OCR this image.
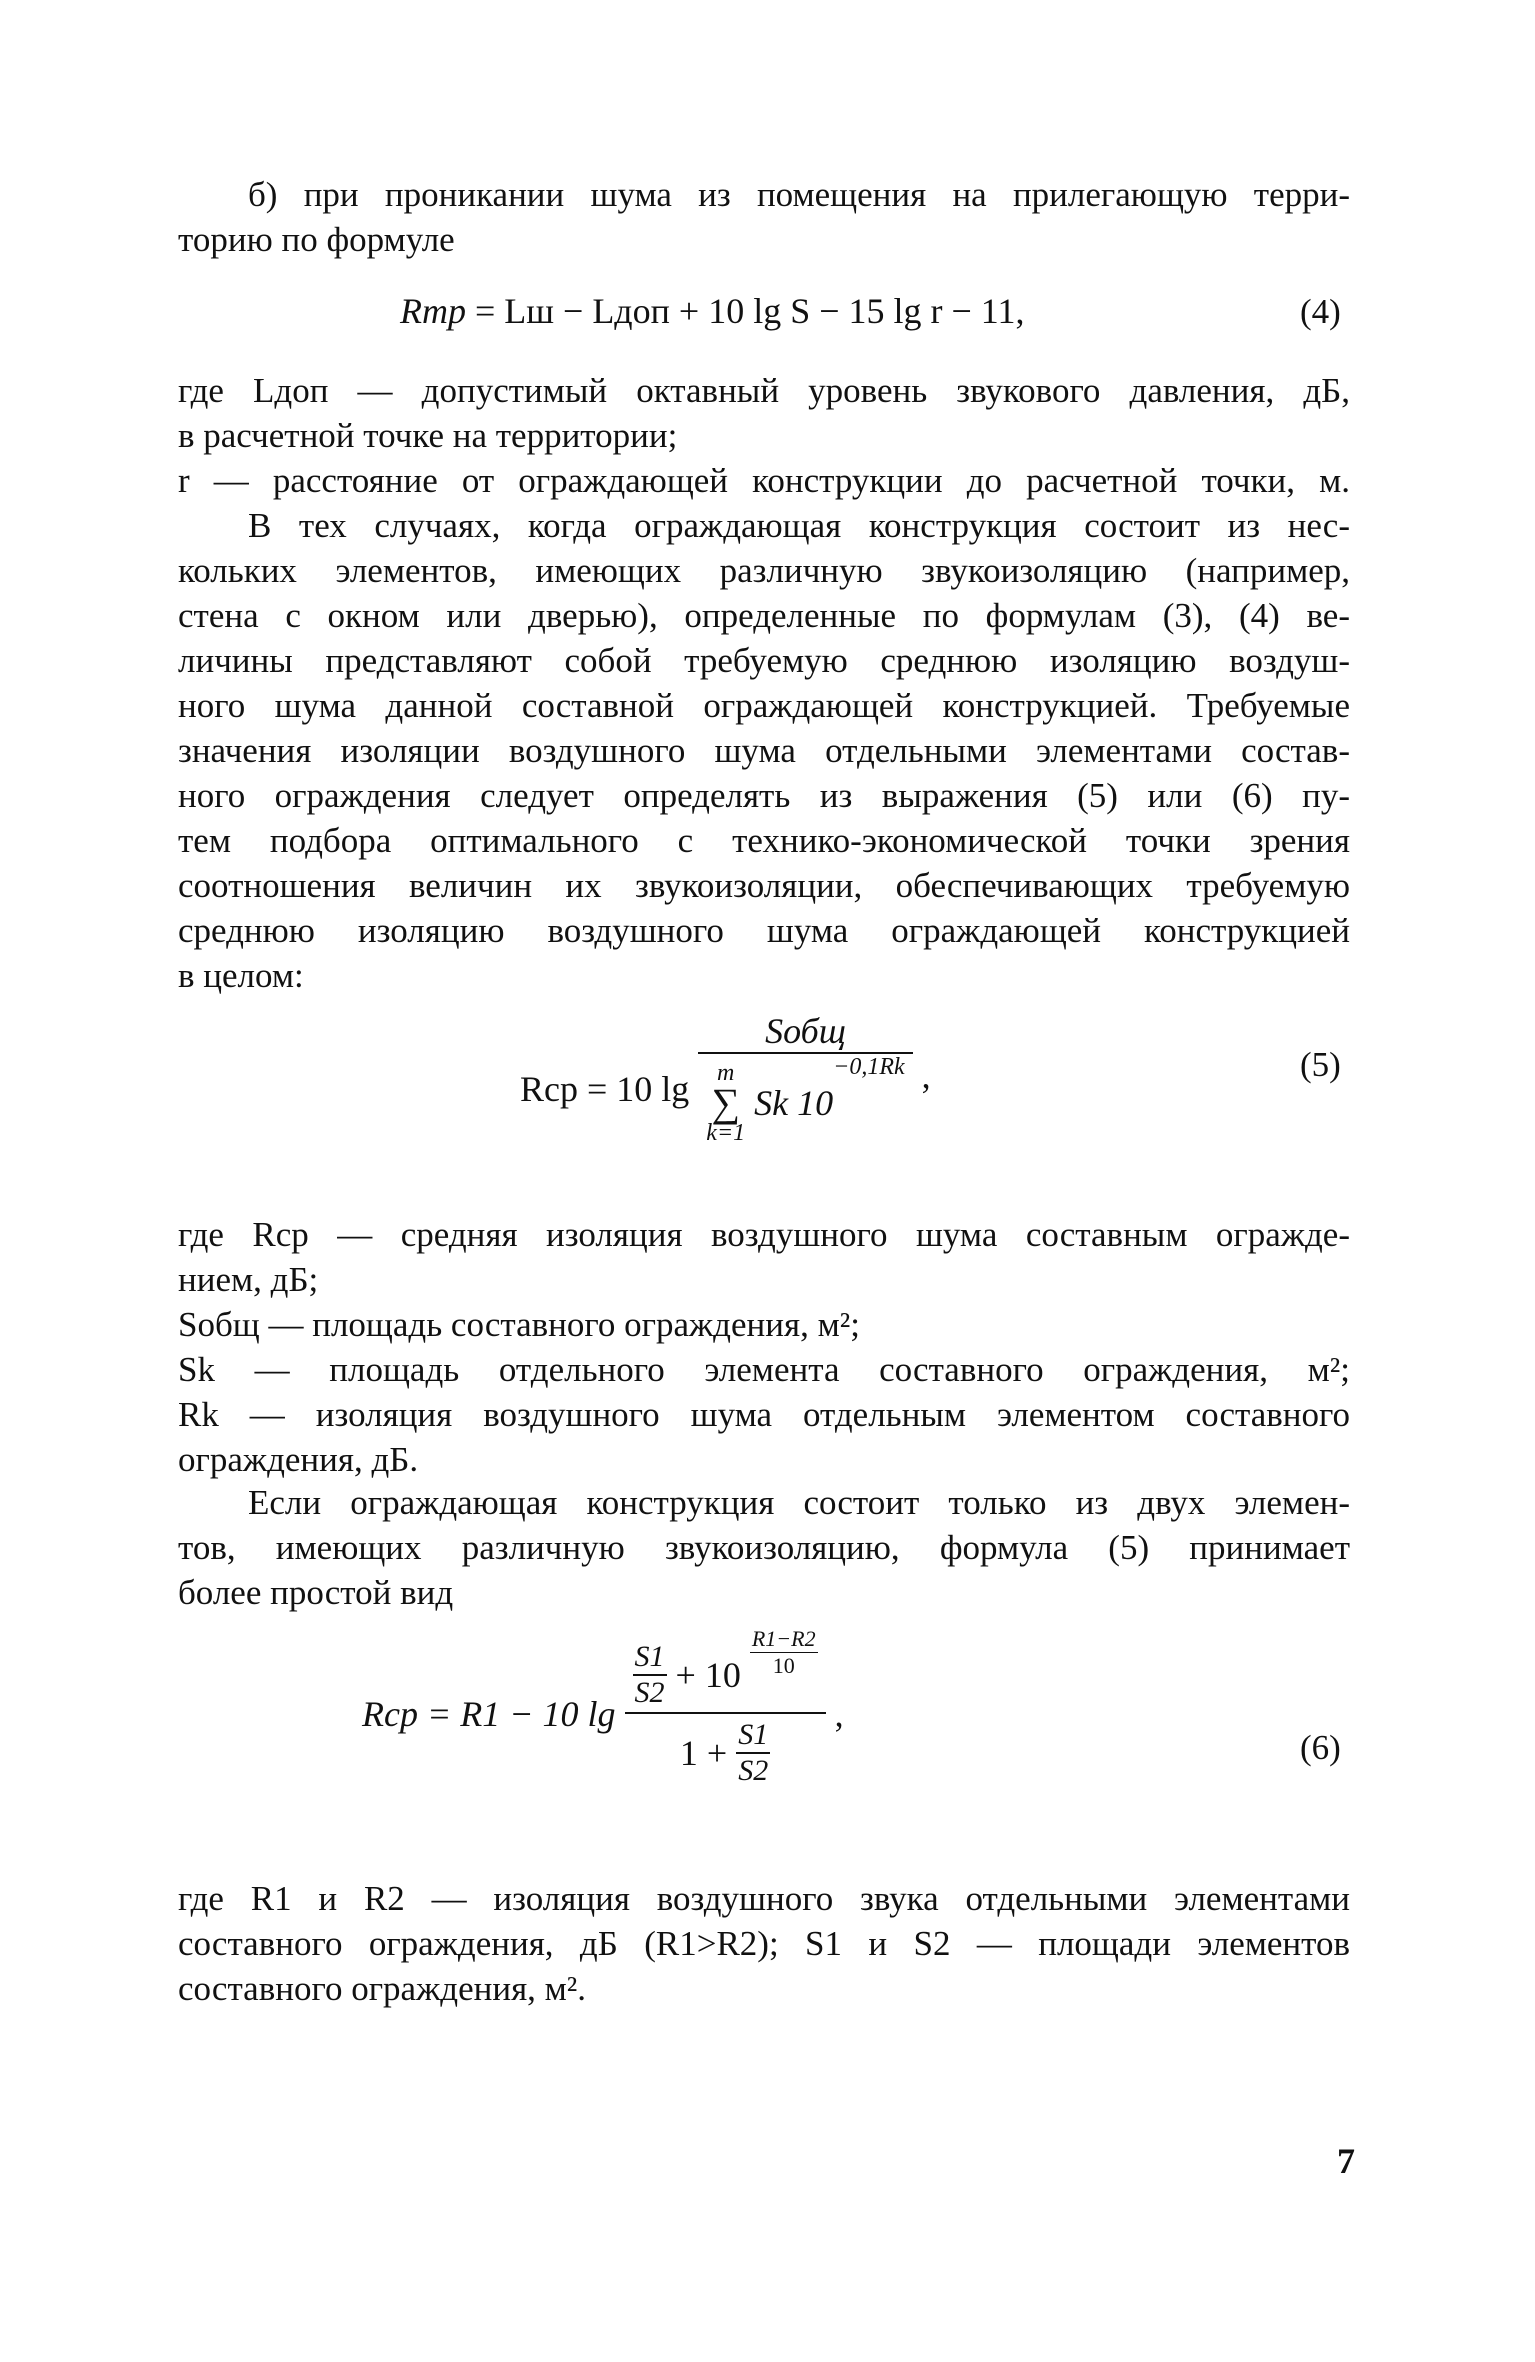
б) при проникании шума из помещения на прилегающую терри-
торию по формуле
Rтр = Lш − Lдоп + 10 lg S − 15 lg r − 11,	(4)
где Lдоп — допустимый октавный уровень звукового давления, дБ,
в расчетной точке на территории;
r — расстояние от ограждающей конструкции до расчетной точки, м.
В тех случаях, когда ограждающая конструкция состоит из нес-
кольких элементов, имеющих различную звукоизоляцию (например,
стена с окном или дверью), определенные по формулам (3), (4) ве-
личины представляют собой требуемую среднюю изоляцию воздуш-
ного шума данной составной ограждающей конструкцией. Требуемые
значения изоляции воздушного шума отдельными элементами состав-
ного ограждения следует определять из выражения (5) или (6) пу-
тем подбора оптимального с технико-экономической точки зрения
соотношения величин их звукоизоляции, обеспечивающих требуемую
среднюю изоляцию воздушного шума ограждающей конструкцией
в целом:
Rср = 10 lg Sобщ
m
∑
k=1
Sk $10^{-0,1Rk}$ ,	(5)
где Rср — средняя изоляция воздушного шума составным огражде-
нием, дБ;
Sобщ — площадь составного ограждения, м²;
Sk — площадь отдельного элемента составного ограждения, м²;
Rk — изоляция воздушного шума отдельным элементом составного
ограждения, дБ.
Если ограждающая конструкция состоит только из двух элемен-
тов, имеющих различную звукоизоляцию, формула (5) принимает
более простой вид
Rср = R1 − 10 lg
$\frac{S1}{S2} + 10 \frac{R1-R2}{10}$
$1 + \frac{S1}{S2}$
,
(6)
где R1 и R2 — изоляция воздушного звука отдельными элементами
составного ограждения, дБ (R1>R2); S1 и S2 — площади элементов
составного ограждения, м².
7
